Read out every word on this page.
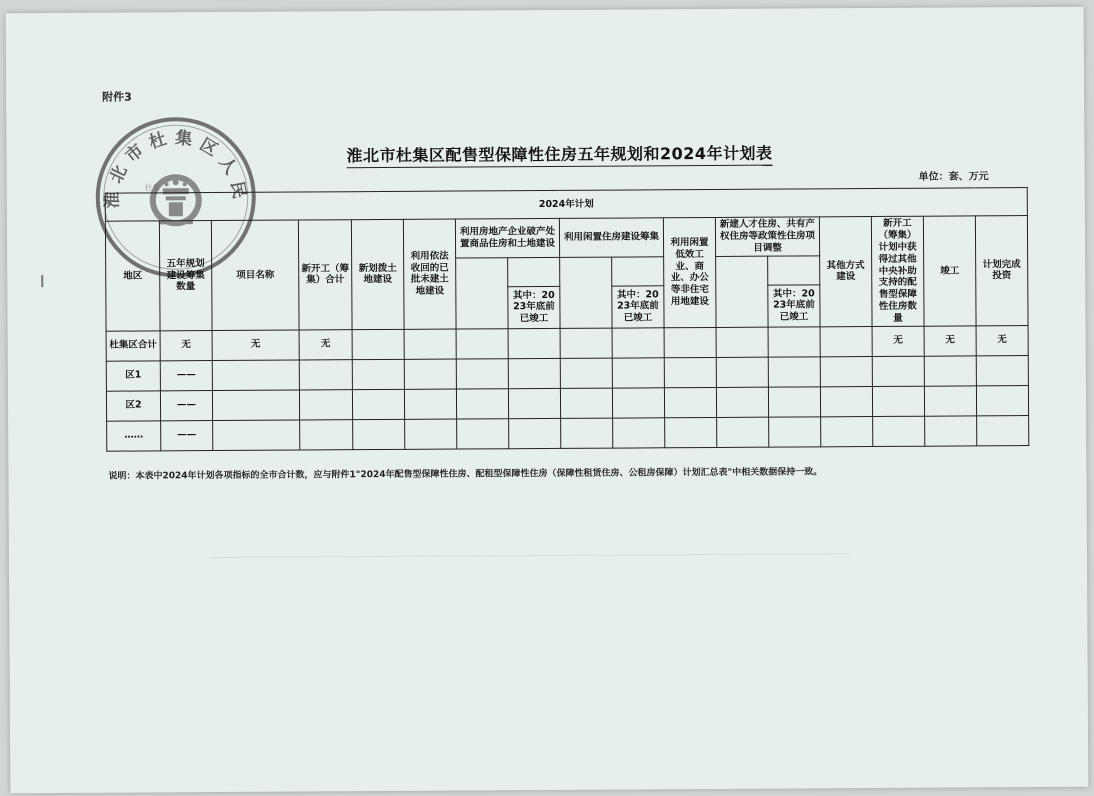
附件3
淮北市杜集区人民政府
淮北市杜集区配售型保障性住房五年规划和2024年计划表
杜集
单位：套、万元
2024年计划																
地区	五年规划建设筹集数量	项目名称	新开工（筹集）合计	新划拨土地建设	利用依法收回的已批未建土地建设	利用房地产企业破产处置商品住房和土地建设		利用闲置住房建设筹集		利用闲置低效工业、商业、办公等非住宅用地建设	新建人才住房、共有产权住房等政策性住房项目调整		其他方式建设	新开工（筹集）计划中获得过其他中央补助支持的配售型保障性住房数量	竣工	计划完成投资

							其中：2023年底前已竣工		其中：2023年底前已竣工			其中：2023年底前已竣工				
杜集区合计	无	无	无											无	无	无
区1	——															
区2	——															
……	——															
说明：本表中2024年计划各项指标的全市合计数，应与附件1"2024年配售型保障性住房、配租型保障性住房（保障性租赁住房、公租房保障）计划汇总表"中相关数据保持一致。
